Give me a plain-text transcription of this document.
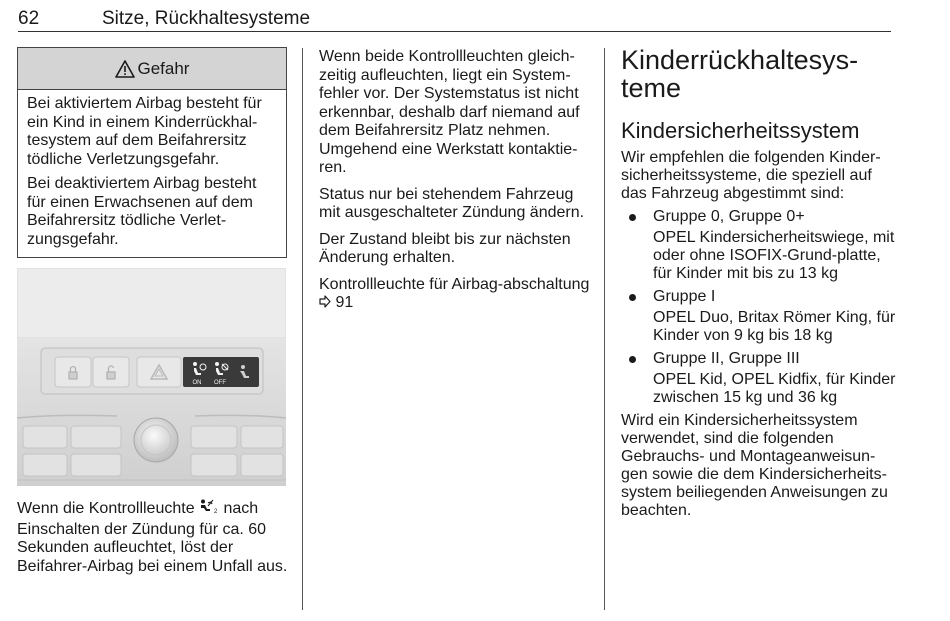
62	Sitze, Rückhaltesysteme
Gefahr

Bei aktiviertem Airbag besteht für ein Kind in einem Kinderrückhal-tesystem auf dem Beifahrersitz tödliche Verletzungsgefahr.

Bei deaktiviertem Airbag besteht für einen Erwachsenen auf dem Beifahrersitz tödliche Verlet-zungsgefahr.

ON OFF
Wenn die Kontrollleuchte	2 nach Einschalten der Zündung für ca. 60 Sekunden aufleuchtet, löst der Beifahrer-Airbag bei einem Unfall aus.

Wenn beide Kontrollleuchten gleich-zeitig aufleuchten, liegt ein System-fehler vor. Der Systemstatus ist nicht erkennbar, deshalb darf niemand auf dem Beifahrersitz Platz nehmen. Umgehend eine Werkstatt kontaktie-ren.

Status nur bei stehendem Fahrzeug mit ausgeschalteter Zündung ändern.

Der Zustand bleibt bis zur nächsten Änderung erhalten.

Kontrollleuchte für Airbag-abschaltung  91

Kinderrückhaltesys-teme
Kindersicherheitssystem
Wir empfehlen die folgenden Kinder-sicherheitssysteme, die speziell auf das Fahrzeug abgestimmt sind:
Gruppe 0, Gruppe 0+
OPEL Kindersicherheitswiege, mit oder ohne ISOFIX-Grund-platte, für Kinder mit bis zu 13 kg
Gruppe I
OPEL Duo, Britax Römer King, für Kinder von 9 kg bis 18 kg
Gruppe II, Gruppe III
OPEL Kid, OPEL Kidfix, für Kinder zwischen 15 kg und 36 kg
Wird ein Kindersicherheitssystem verwendet, sind die folgenden Gebrauchs- und Montageanweisun-gen sowie die dem Kindersicherheits-system beiliegenden Anweisungen zu beachten.
